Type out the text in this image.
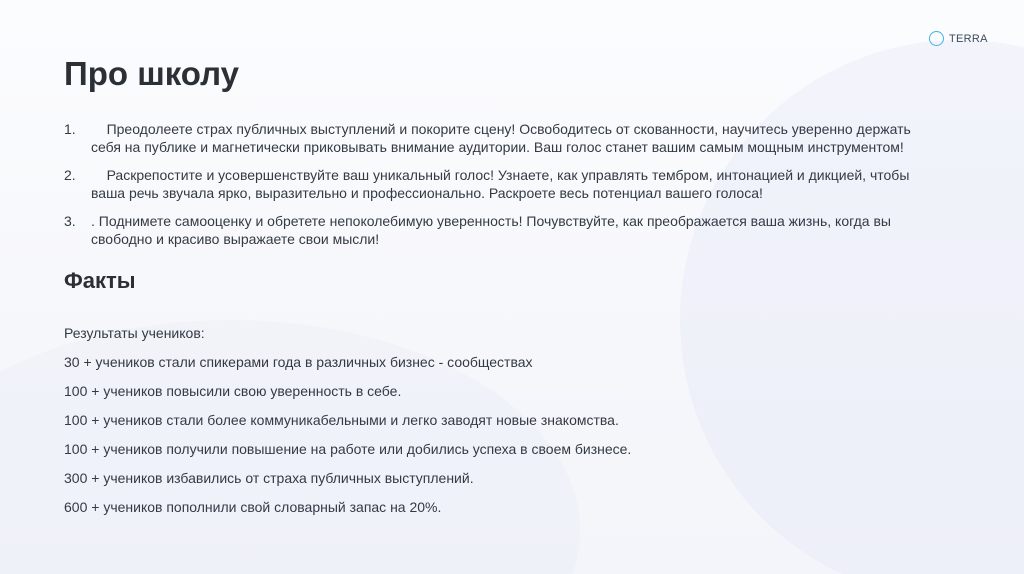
TERRA
Про школу
1. Преодолеете страх публичных выступлений и покорите сцену! Освободитесь от скованности, научитесь уверенно держать себя на публике и магнетически приковывать внимание аудитории. Ваш голос станет вашим самым мощным инструментом!
2. Раскрепостите и усовершенствуйте ваш уникальный голос! Узнаете, как управлять тембром, интонацией и дикцией, чтобы ваша речь звучала ярко, выразительно и профессионально. Раскроете весь потенциал вашего голоса!
3. . Поднимете самооценку и обретете непоколебимую уверенность! Почувствуйте, как преображается ваша жизнь, когда вы свободно и красиво выражаете свои мысли!
Факты

Результаты учеников:

30 + учеников стали спикерами года в различных бизнес - сообществах

100 + учеников повысили свою уверенность в себе.

100 + учеников стали более коммуникабельными и легко заводят новые знакомства.

100 + учеников получили повышение на работе или добились успеха в своем бизнесе.

300 + учеников избавились от страха публичных выступлений.

600 + учеников пополнили свой словарный запас на 20%.
